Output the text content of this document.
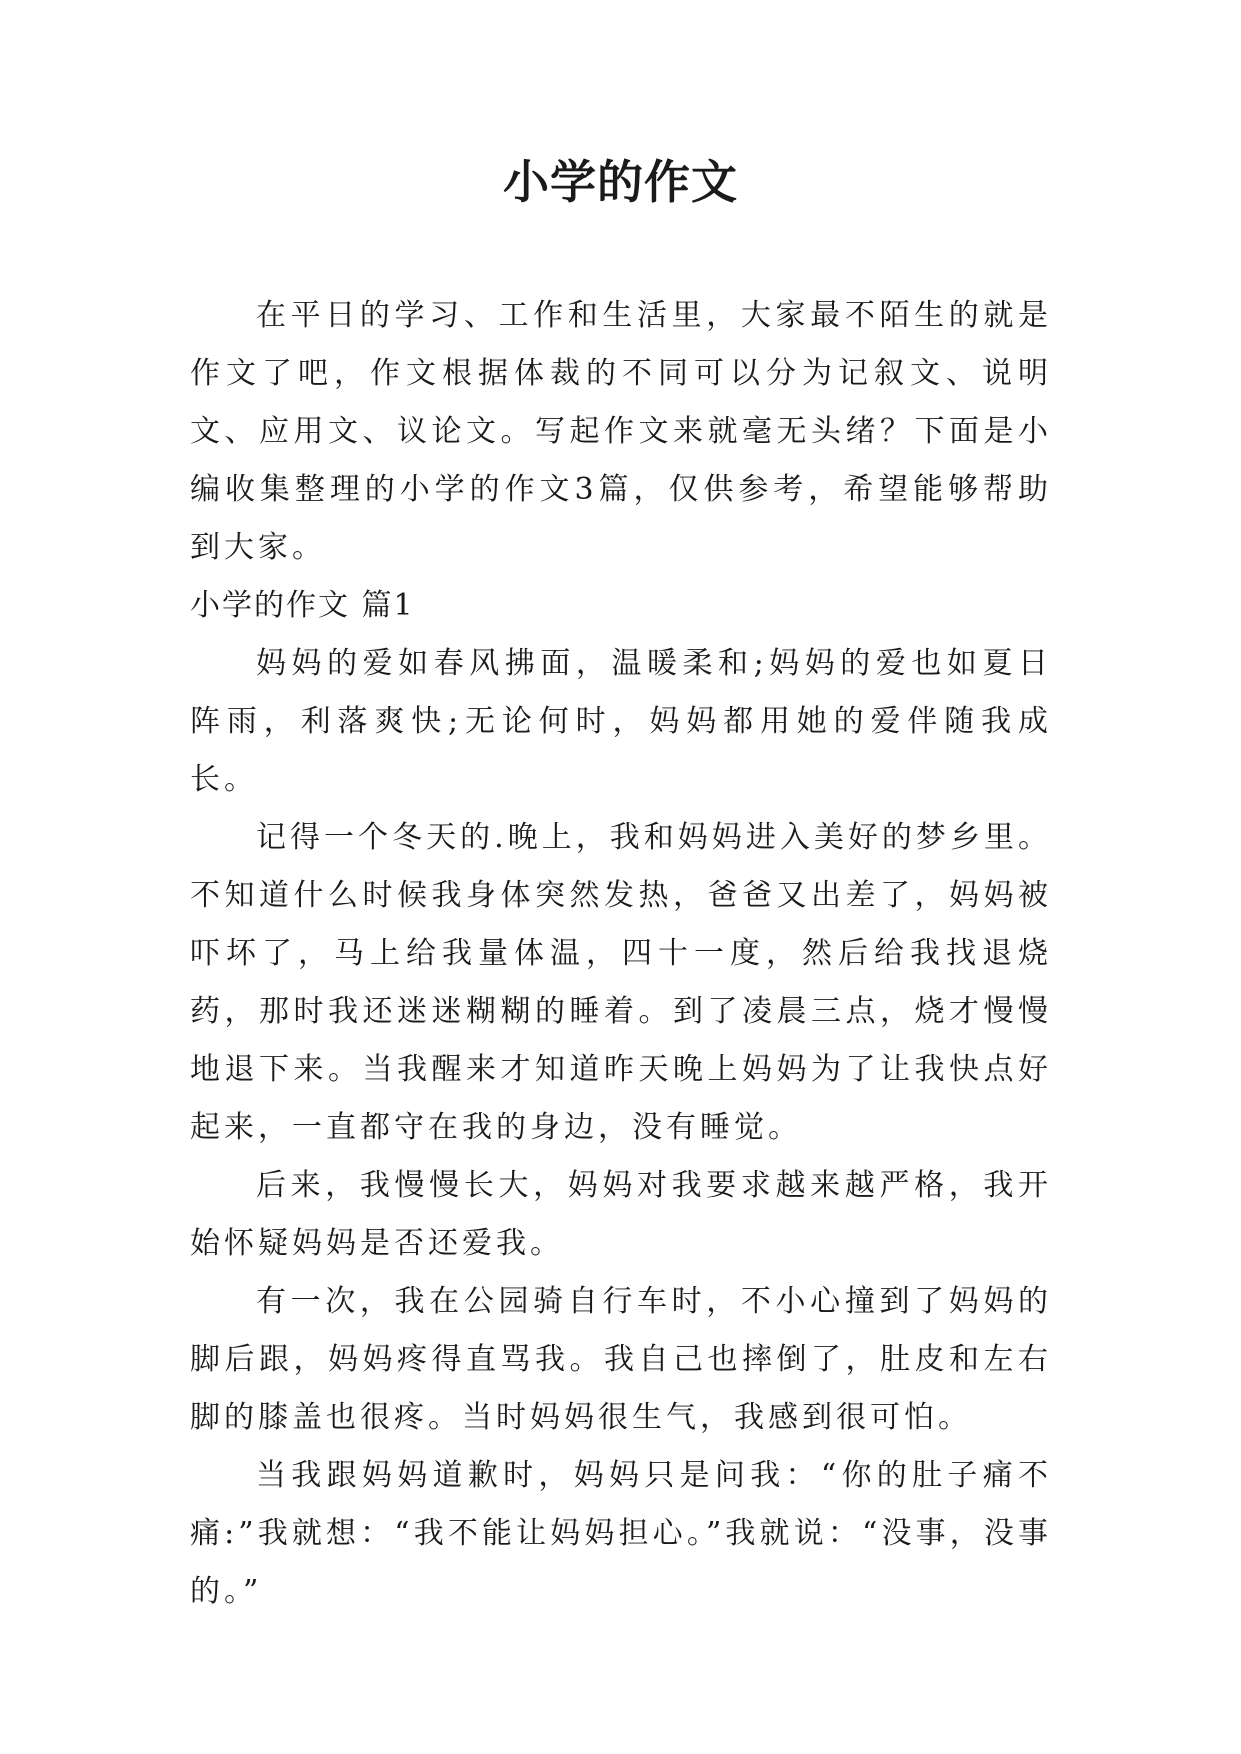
小学的作文

在平日的学习、工作和生活里，大家最不陌生的就是作文了吧，作文根据体裁的不同可以分为记叙文、说明文、应用文、议论文。写起作文来就毫无头绪？下面是小编收集整理的小学的作文3篇，仅供参考，希望能够帮助到大家。

小学的作文 篇1

妈妈的爱如春风拂面，温暖柔和;妈妈的爱也如夏日阵雨，利落爽快;无论何时，妈妈都用她的爱伴随我成长。

记得一个冬天的.晚上，我和妈妈进入美好的梦乡里。不知道什么时候我身体突然发热，爸爸又出差了，妈妈被吓坏了，马上给我量体温，四十一度，然后给我找退烧药，那时我还迷迷糊糊的睡着。到了凌晨三点，烧才慢慢地退下来。当我醒来才知道昨天晚上妈妈为了让我快点好起来，一直都守在我的身边，没有睡觉。

后来，我慢慢长大，妈妈对我要求越来越严格，我开始怀疑妈妈是否还爱我。

有一次，我在公园骑自行车时，不小心撞到了妈妈的脚后跟，妈妈疼得直骂我。我自己也摔倒了，肚皮和左右脚的膝盖也很疼。当时妈妈很生气，我感到很可怕。

当我跟妈妈道歉时，妈妈只是问我：“你的肚子痛不痛:”我就想：“我不能让妈妈担心。”我就说：“没事，没事的。”
